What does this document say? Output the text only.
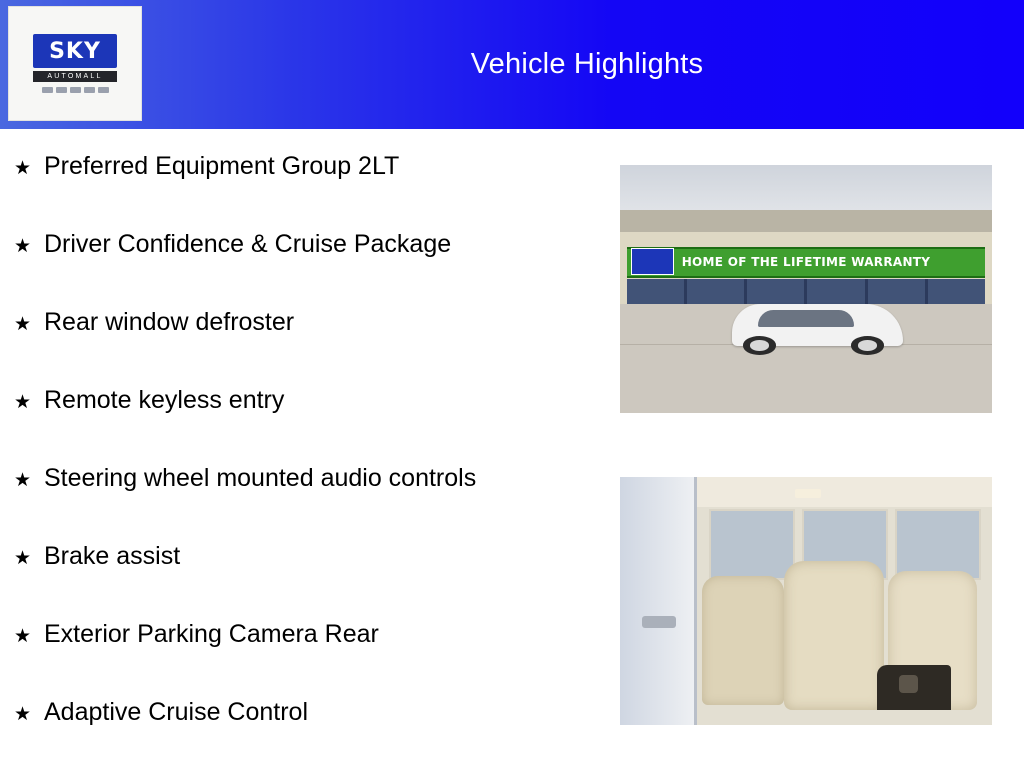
Vehicle Highlights
SKY
AUTOMALL
★ Preferred Equipment Group 2LT
★ Driver Confidence & Cruise Package
★ Rear window defroster
★ Remote keyless entry
★ Steering wheel mounted audio controls
★ Brake assist
★ Exterior Parking Camera Rear
★ Adaptive Cruise Control
HOME OF THE LIFETIME WARRANTY
